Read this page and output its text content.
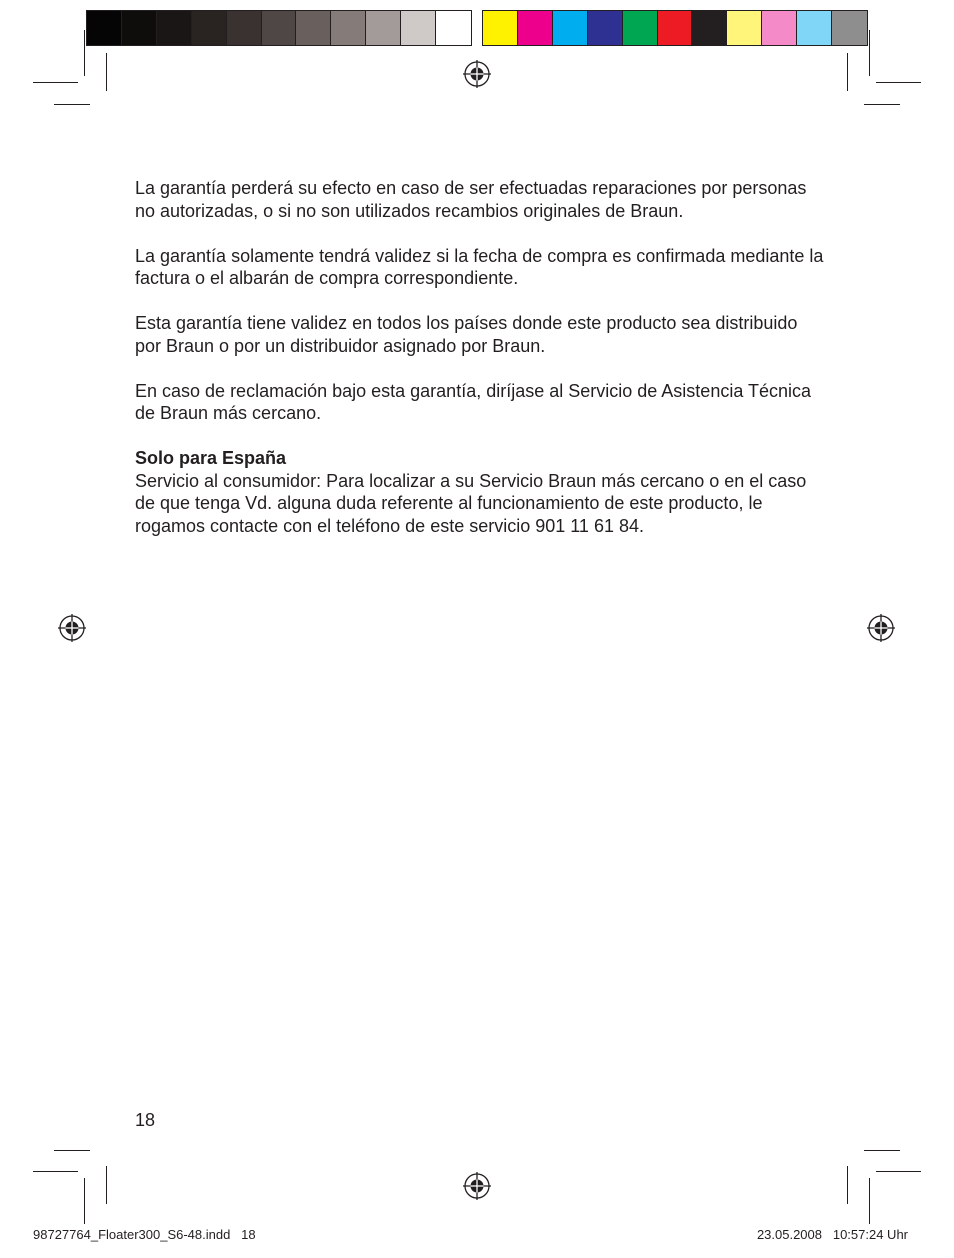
La garantía perderá su efecto en caso de ser efectuadas reparaciones por personas no autorizadas, o si no son utilizados recambios originales de Braun.

La garantía solamente tendrá validez si la fecha de compra es confirmada mediante la factura o el albarán de compra correspondiente.

Esta garantía tiene validez en todos los países donde este producto sea distribuido por Braun o por un distribuidor asignado por Braun.

En caso de reclamación bajo esta garantía, diríjase al Servicio de Asistencia Técnica de Braun más cercano.

Solo para España

Servicio al consumidor: Para localizar a su Servicio Braun más cercano o en el caso de que tenga Vd. alguna duda referente al funcionamiento de este producto, le rogamos contacte con el teléfono de este servicio 901 11 61 84.

18
98727764_Floater300_S6-48.indd   18	23.05.2008   10:57:24 Uhr
